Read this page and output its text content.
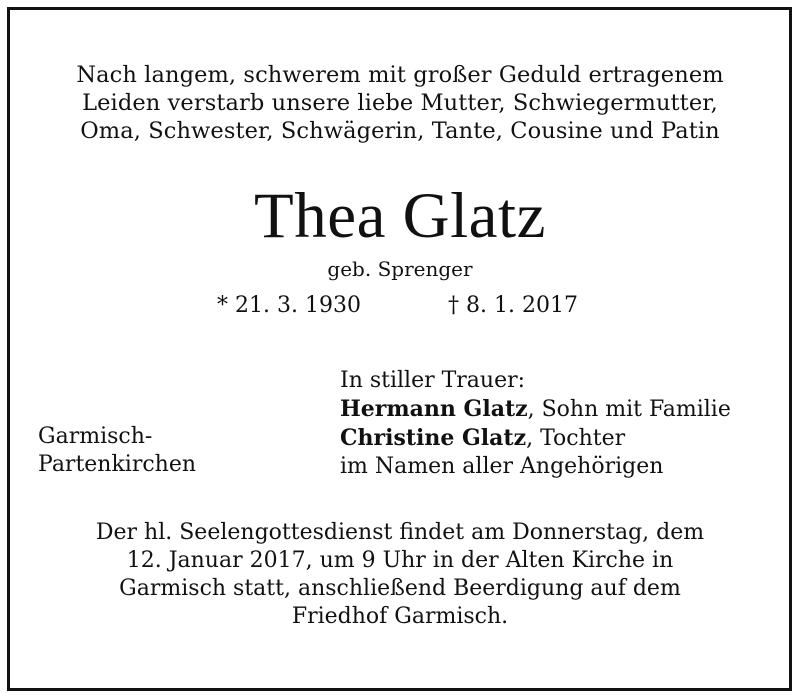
Nach langem, schwerem mit großer Geduld ertragenem
Leiden verstarb unsere liebe Mutter, Schwiegermutter,
Oma, Schwester, Schwägerin, Tante, Cousine und Patin
Thea Glatz
geb. Sprenger
* 21. 3. 1930	† 8. 1. 2017
In stiller Trauer:
Hermann Glatz, Sohn mit Familie
Christine Glatz, Tochter
im Namen aller Angehörigen
Garmisch-
Partenkirchen
Der hl. Seelengottesdienst findet am Donnerstag, dem
12. Januar 2017, um 9 Uhr in der Alten Kirche in
Garmisch statt, anschließend Beerdigung auf dem
Friedhof Garmisch.
